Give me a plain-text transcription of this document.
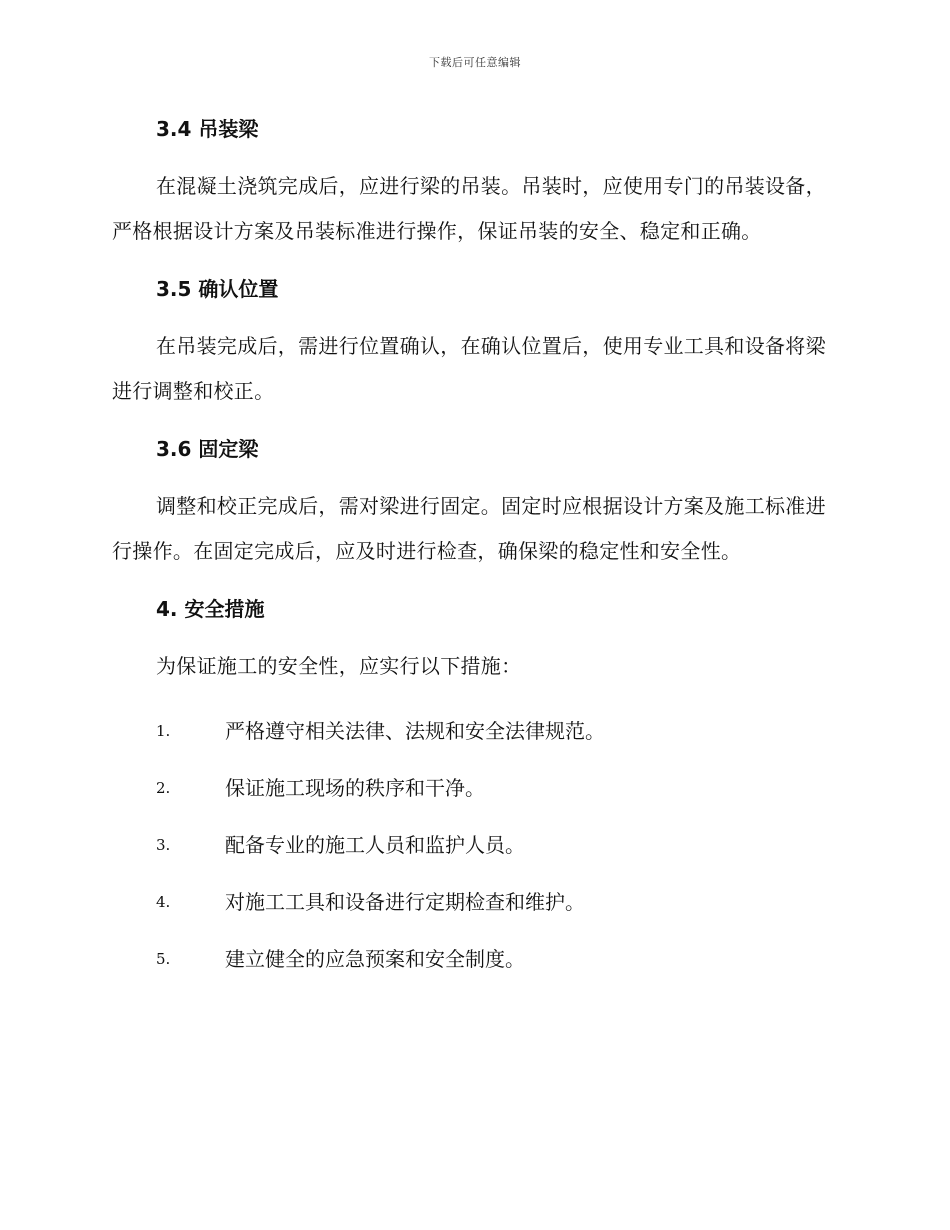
下载后可任意编辑
3.4 吊装梁

在混凝土浇筑完成后，应进行梁的吊装。吊装时，应使用专门的吊装设备，严格根据设计方案及吊装标准进行操作，保证吊装的安全、稳定和正确。

3.5 确认位置

在吊装完成后，需进行位置确认，在确认位置后，使用专业工具和设备将梁进行调整和校正。

3.6 固定梁

调整和校正完成后，需对梁进行固定。固定时应根据设计方案及施工标准进行操作。在固定完成后，应及时进行检查，确保梁的稳定性和安全性。

4. 安全措施

为保证施工的安全性，应实行以下措施：

1.	严格遵守相关法律、法规和安全法律规范。
2.	保证施工现场的秩序和干净。
3.	配备专业的施工人员和监护人员。
4.	对施工工具和设备进行定期检查和维护。
5.	建立健全的应急预案和安全制度。
